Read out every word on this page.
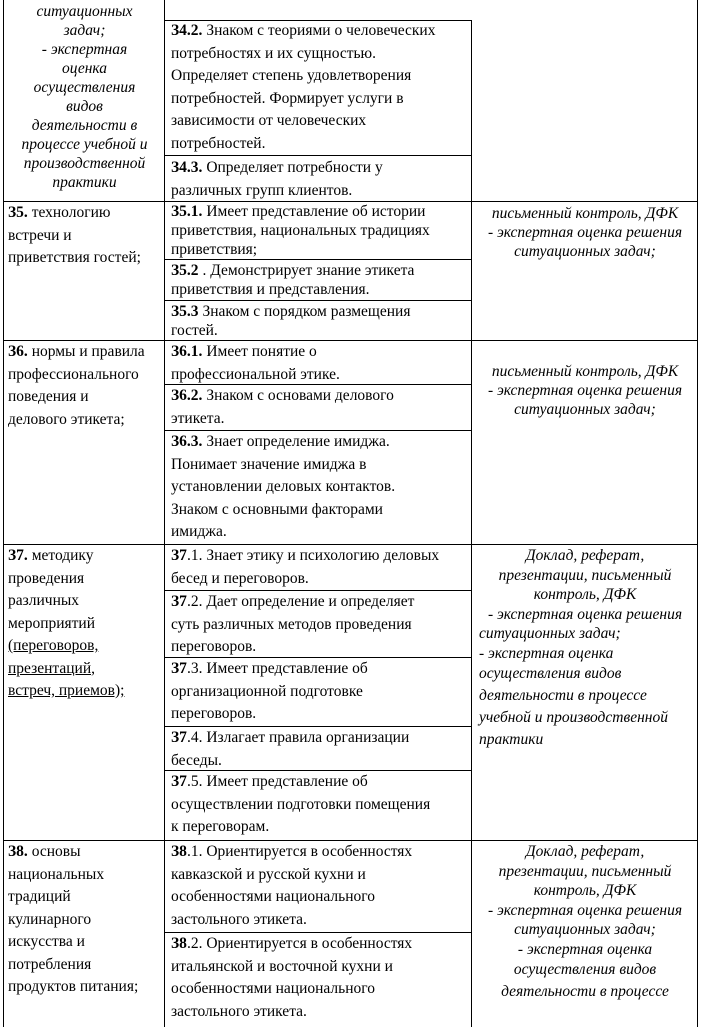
ситуационных
задач;
- экспертная
оценка
осуществления
видов
деятельности в
процессе учебной и
производственной
практики
З4.2. Знаком с теориями о человеческих
потребностях и их сущностью.
Определяет степень удовлетворения
потребностей. Формирует услуги в
зависимости от человеческих
потребностей.
З4.3. Определяет потребности у
различных групп клиентов.
З5. технологию
встречи и
приветствия гостей;
З5.1. Имеет представление об истории
приветствия, национальных традициях
приветствия;
З5.2 . Демонстрирует знание этикета
приветствия и представления.
З5.3 Знаком с порядком размещения
гостей.
письменный контроль, ДФК
- экспертная оценка решения
ситуационных задач;
З6. нормы и правила
профессионального
поведения и
делового этикета;
З6.1. Имеет понятие о
профессиональной этике.
З6.2. Знаком с основами делового
этикета.
З6.3. Знает определение имиджа.
Понимает значение имиджа в
установлении деловых контактов.
Знаком с основными факторами
имиджа.
письменный контроль, ДФК
- экспертная оценка решения
ситуационных задач;
З7. методику
проведения
различных
мероприятий
(переговоров,
презентаций,
встреч, приемов);
З7.1. Знает этику и психологию деловых
бесед и переговоров.
З7.2. Дает определение и определяет
суть различных методов проведения
переговоров.
З7.3. Имеет представление об
организационной подготовке
переговоров.
З7.4. Излагает правила организации
беседы.
З7.5. Имеет представление об
осуществлении подготовки помещения
к переговорам.
Доклад, реферат,
презентации, письменный
контроль, ДФК
- экспертная оценка решения
ситуационных задач;
- экспертная оценка
осуществления видов
деятельности в процессе
учебной и производственной
практики
З8. основы
национальных
традиций
кулинарного
искусства и
потребления
продуктов питания;
З8.1. Ориентируется в особенностях
кавказской и русской кухни и
особенностями национального
застольного этикета.
З8.2. Ориентируется в особенностях
итальянской и восточной кухни и
особенностями национального
застольного этикета.
Доклад, реферат,
презентации, письменный
контроль, ДФК
- экспертная оценка решения
ситуационных задач;
- экспертная оценка
осуществления видов
деятельности в процессе
